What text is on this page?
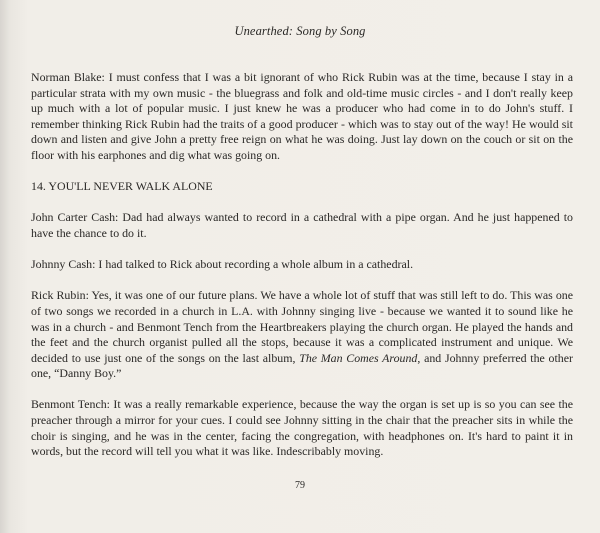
Unearthed: Song by Song

Norman Blake: I must confess that I was a bit ignorant of who Rick Rubin was at the time, because I stay in a particular strata with my own music - the bluegrass and folk and old-time music circles - and I don't really keep up much with a lot of popular music. I just knew he was a producer who had come in to do John's stuff. I remember thinking Rick Rubin had the traits of a good producer - which was to stay out of the way! He would sit down and listen and give John a pretty free reign on what he was doing. Just lay down on the couch or sit on the floor with his earphones and dig what was going on.

14. YOU'LL NEVER WALK ALONE

John Carter Cash: Dad had always wanted to record in a cathedral with a pipe organ. And he just happened to have the chance to do it.

Johnny Cash: I had talked to Rick about recording a whole album in a cathedral.

Rick Rubin: Yes, it was one of our future plans. We have a whole lot of stuff that was still left to do. This was one of two songs we recorded in a church in L.A. with Johnny singing live - because we wanted it to sound like he was in a church - and Benmont Tench from the Heartbreakers playing the church organ. He played the hands and the feet and the church organist pulled all the stops, because it was a complicated instrument and unique. We decided to use just one of the songs on the last album, The Man Comes Around, and Johnny preferred the other one, “Danny Boy.”

Benmont Tench: It was a really remarkable experience, because the way the organ is set up is so you can see the preacher through a mirror for your cues. I could see Johnny sitting in the chair that the preacher sits in while the choir is singing, and he was in the center, facing the congregation, with headphones on. It's hard to paint it in words, but the record will tell you what it was like. Indescribably moving.

79
